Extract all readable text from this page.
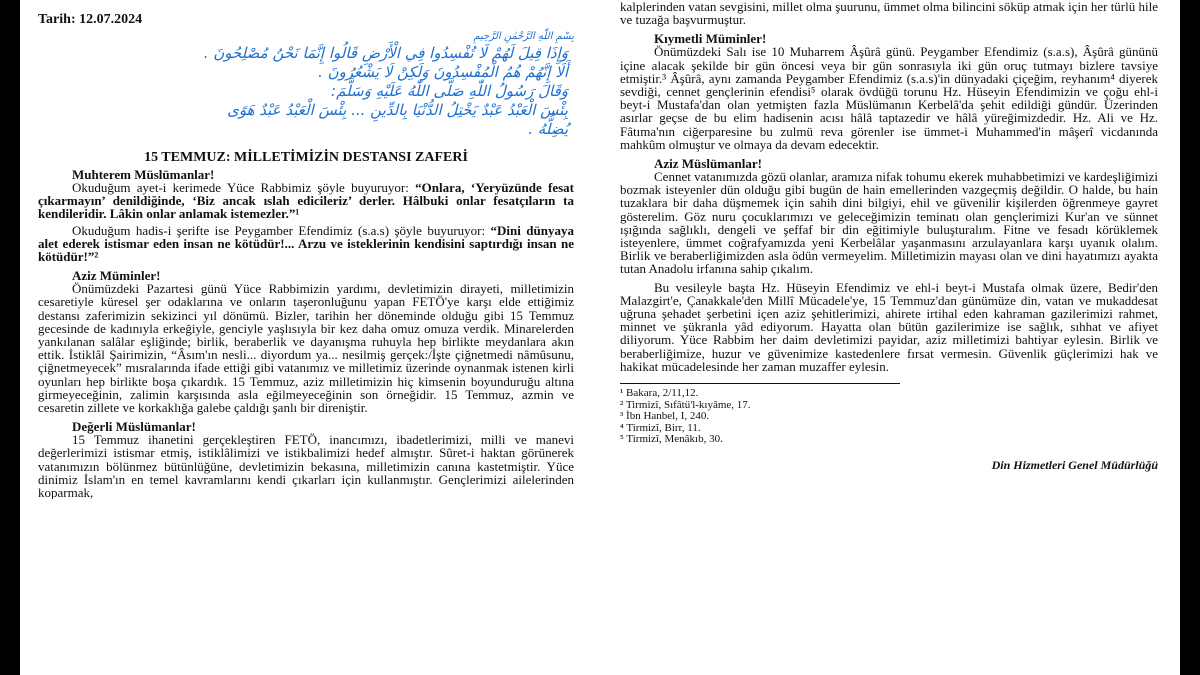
Tarih: 12.07.2024
بِسْمِ اللّٰهِ الرَّحْمٰنِ الرَّحِيمِ
وَإِذَا قِيلَ لَهُمْ لَا تُفْسِدُوا فِي الْأَرْضِ قَالُوا إِنَّمَا نَحْنُ مُصْلِحُونَ .
أَلَا إِنَّهُمْ هُمُ الْمُفْسِدُونَ وَلَكِنْ لَا يَشْعُرُونَ .
وَقَالَ رَسُولُ اللّٰهِ صَلَّى اللّٰهُ عَلَيْهِ وَسَلَّمَ:
بِئْسَ الْعَبْدُ عَبْدٌ يَخْتِلُ الدُّنْيَا بِالدِّينِ ... بِئْسَ الْعَبْدُ عَبْدٌ هَوًى
يُضِلُّهُ .
15 TEMMUZ: MİLLETİMİZİN DESTANSI ZAFERİ
Muhterem Müslümanlar!

Okuduğum ayet-i kerimede Yüce Rabbimiz şöyle buyuruyor: “Onlara, ‘Yeryüzünde fesat çıkarmayın’ denildiğinde, ‘Biz ancak ıslah edicileriz’ derler. Hâlbuki onlar fesatçıların ta kendileridir. Lâkin onlar anlamak istemezler.”¹

Okuduğum hadis-i şerifte ise Peygamber Efendimiz (s.a.s) şöyle buyuruyor: “Dini dünyaya alet ederek istismar eden insan ne kötüdür!... Arzu ve isteklerinin kendisini saptırdığı insan ne kötüdür!”²

Aziz Müminler!

Önümüzdeki Pazartesi günü Yüce Rabbimizin yardımı, devletimizin dirayeti, milletimizin cesaretiyle küresel şer odaklarına ve onların taşeronluğunu yapan FETÖ'ye karşı elde ettiğimiz destansı zaferimizin sekizinci yıl dönümü. Bizler, tarihin her döneminde olduğu gibi 15 Temmuz gecesinde de kadınıyla erkeğiyle, genciyle yaşlısıyla bir kez daha omuz omuza verdik. Minarelerden yankılanan salâlar eşliğinde; birlik, beraberlik ve dayanışma ruhuyla hep birlikte meydanlara akın ettik. İstiklâl Şairimizin, “Âsım'ın nesli... diyordum ya... nesilmiş gerçek:/İşte çiğnetmedi nâmûsunu, çiğnetmeyecek” mısralarında ifade ettiği gibi vatanımız ve milletimiz üzerinde oynanmak istenen kirli oyunları hep birlikte boşa çıkardık. 15 Temmuz, aziz milletimizin hiç kimsenin boyunduruğu altına girmeyeceğinin, zalimin karşısında asla eğilmeyeceğinin son örneğidir. 15 Temmuz, azmin ve cesaretin zillete ve korkaklığa galebe çaldığı şanlı bir direniştir.

Değerli Müslümanlar!

15 Temmuz ihanetini gerçekleştiren FETÖ, inancımızı, ibadetlerimizi, milli ve manevi değerlerimizi istismar etmiş, istiklâlimizi ve istikbalimizi hedef almıştır. Sûret-i haktan görünerek vatanımızın bölünmez bütünlüğüne, devletimizin bekasına, milletimizin canına kastetmiştir. Yüce dinimiz İslam'ın en temel kavramlarını kendi çıkarları için kullanmıştır. Gençlerimizi ailelerinden koparmak,

kalplerinden vatan sevgisini, millet olma şuurunu, ümmet olma bilincini söküp atmak için her türlü hile ve tuzağa başvurmuştur.

Kıymetli Müminler!

Önümüzdeki Salı ise 10 Muharrem Âşûrâ günü. Peygamber Efendimiz (s.a.s), Âşûrâ gününü içine alacak şekilde bir gün öncesi veya bir gün sonrasıyla iki gün oruç tutmayı bizlere tavsiye etmiştir.³ Âşûrâ, aynı zamanda Peygamber Efendimiz (s.a.s)'in dünyadaki çiçeğim, reyhanım⁴ diyerek sevdiği, cennet gençlerinin efendisi⁵ olarak övdüğü torunu Hz. Hüseyin Efendimizin ve çoğu ehl-i beyt-i Mustafa'dan olan yetmişten fazla Müslümanın Kerbelâ'da şehit edildiği gündür. Üzerinden asırlar geçse de bu elim hadisenin acısı hâlâ taptazedir ve hâlâ yüreğimizdedir. Hz. Ali ve Hz. Fâtıma'nın ciğerparesine bu zulmü reva görenler ise ümmet-i Muhammed'in mâşerî vicdanında mahkûm olmuştur ve olmaya da devam edecektir.

Aziz Müslümanlar!

Cennet vatanımızda gözü olanlar, aramıza nifak tohumu ekerek muhabbetimizi ve kardeşliğimizi bozmak isteyenler dün olduğu gibi bugün de hain emellerinden vazgeçmiş değildir. O halde, bu hain tuzaklara bir daha düşmemek için sahih dini bilgiyi, ehil ve güvenilir kişilerden öğrenmeye gayret gösterelim. Göz nuru çocuklarımızı ve geleceğimizin teminatı olan gençlerimizi Kur'an ve sünnet ışığında sağlıklı, dengeli ve şeffaf bir din eğitimiyle buluşturalım. Fitne ve fesadı körüklemek isteyenlere, ümmet coğrafyamızda yeni Kerbelâlar yaşanmasını arzulayanlara karşı uyanık olalım. Birlik ve beraberliğimizden asla ödün vermeyelim. Milletimizin mayası olan ve dini hayatımızı ayakta tutan Anadolu irfanına sahip çıkalım.

Bu vesileyle başta Hz. Hüseyin Efendimiz ve ehl-i beyt-i Mustafa olmak üzere, Bedir'den Malazgirt'e, Çanakkale'den Millî Mücadele'ye, 15 Temmuz'dan günümüze din, vatan ve mukaddesat uğruna şehadet şerbetini içen aziz şehitlerimizi, ahirete irtihal eden kahraman gazilerimizi rahmet, minnet ve şükranla yâd ediyorum. Hayatta olan bütün gazilerimize ise sağlık, sıhhat ve afiyet diliyorum. Yüce Rabbim her daim devletimizi payidar, aziz milletimizi bahtiyar eylesin. Birlik ve beraberliğimize, huzur ve güvenimize kastedenlere fırsat vermesin. Güvenlik güçlerimizi hak ve hakikat mücadelesinde her zaman muzaffer eylesin.

¹ Bakara, 2/11,12.
² Tirmizî, Sıfâtü'l-kıyâme, 17.
³ İbn Hanbel, I, 240.
⁴ Tirmizî, Birr, 11.
⁵ Tirmizî, Menâkıb, 30.
Din Hizmetleri Genel Müdürlüğü
